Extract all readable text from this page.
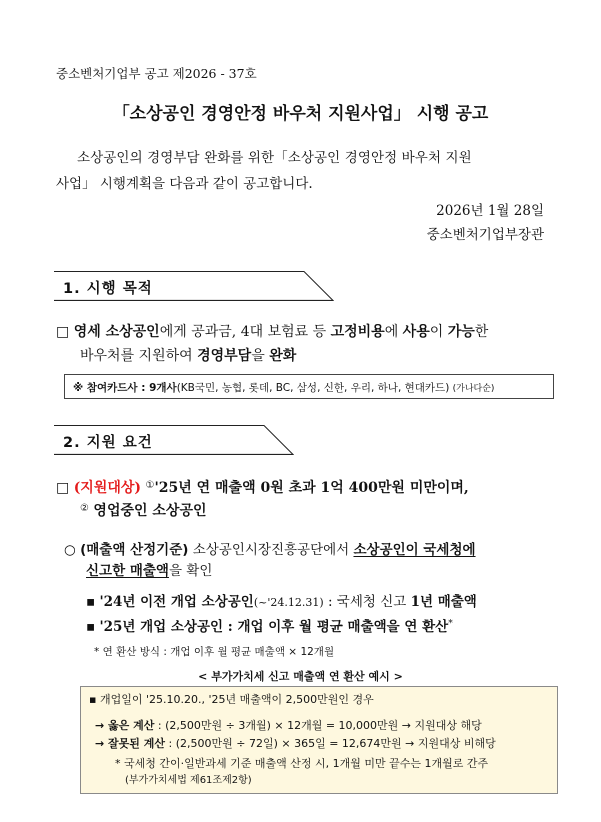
중소벤처기업부 공고 제2026 - 37호
「소상공인 경영안정 바우처 지원사업」 시행 공고
소상공인의 경영부담 완화를 위한「소상공인 경영안정 바우처 지원
사업」 시행계획을 다음과 같이 공고합니다.
2026년 1월 28일
중소벤처기업부장관
1. 시행 목적
□ 영세 소상공인에게 공과금, 4대 보험료 등 고정비용에 사용이 가능한
바우처를 지원하여 경영부담을 완화
※ 참여카드사 : 9개사(KB국민, 농협, 롯데, BC, 삼성, 신한, 우리, 하나, 현대카드) (가나다순)
2. 지원 요건
□ (지원대상) ①'25년 연 매출액 0원 초과 1억 400만원 미만이며,
② 영업중인 소상공인
○ (매출액 산정기준) 소상공인시장진흥공단에서 소상공인이 국세청에
신고한 매출액을 확인
▪ '24년 이전 개업 소상공인(~'24.12.31) : 국세청 신고 1년 매출액
▪ '25년 개업 소상공인 : 개업 이후 월 평균 매출액을 연 환산*
* 연 환산 방식 : 개업 이후 월 평균 매출액 × 12개월
< 부가가치세 신고 매출액 연 환산 예시 >
▪ 개업일이 '25.10.20., '25년 매출액이 2,500만원인 경우
→ 옳은 계산 : (2,500만원 ÷ 3개월) × 12개월 = 10,000만원 → 지원대상 해당
→ 잘못된 계산 : (2,500만원 ÷ 72일) × 365일 = 12,674만원 → 지원대상 비해당
* 국세청 간이·일반과세 기준 매출액 산정 시, 1개월 미만 끝수는 1개월로 간주
(부가가치세법 제61조제2항)
